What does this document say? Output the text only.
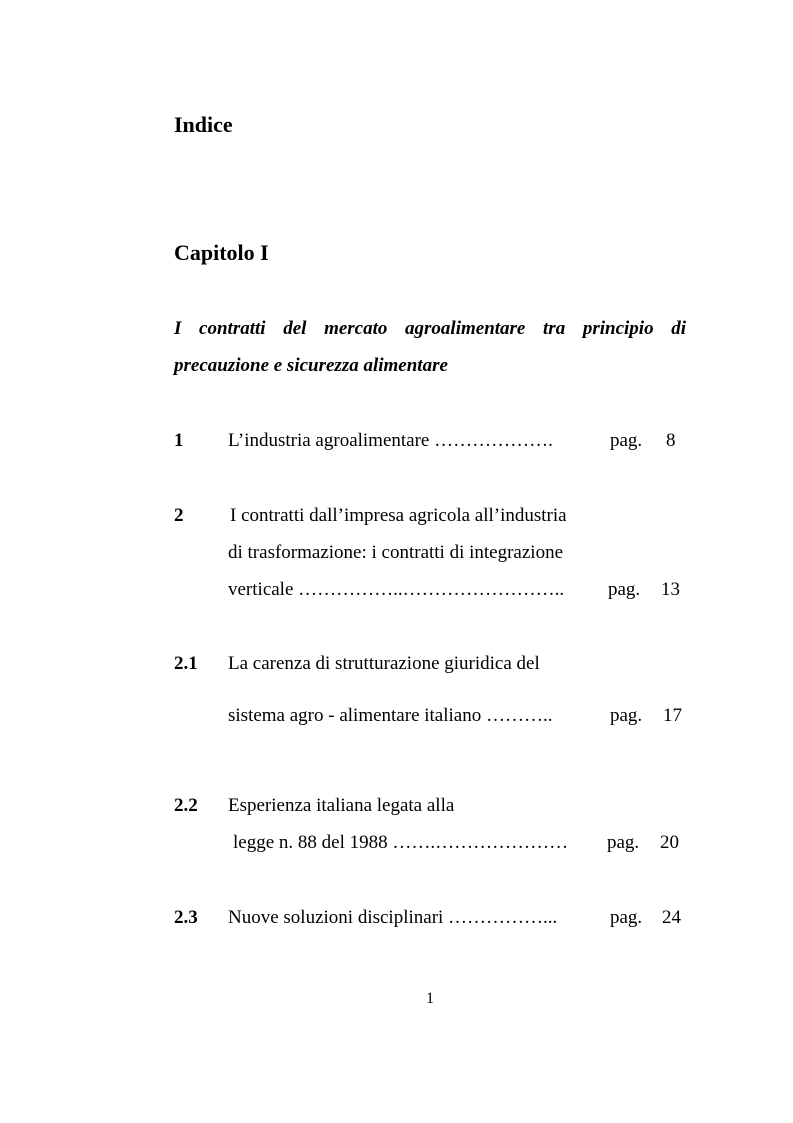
Indice
Capitolo I
I contratti del mercato agroalimentare tra principio di
precauzione e sicurezza alimentare
1 L’industria agroalimentare ……………….	pag. 8
2 I contratti dall’impresa agricola all’industria
di trasformazione: i contratti di integrazione
verticale ……………..…………………….. pag. 13
2.1 La carenza di strutturazione giuridica del
sistema agro - alimentare italiano ………..	pag. 17
2.2 Esperienza italiana legata alla
legge n. 88 del 1988 …….………………… pag. 20
2.3 Nuove soluzioni disciplinari ……………...	pag. 24
1
